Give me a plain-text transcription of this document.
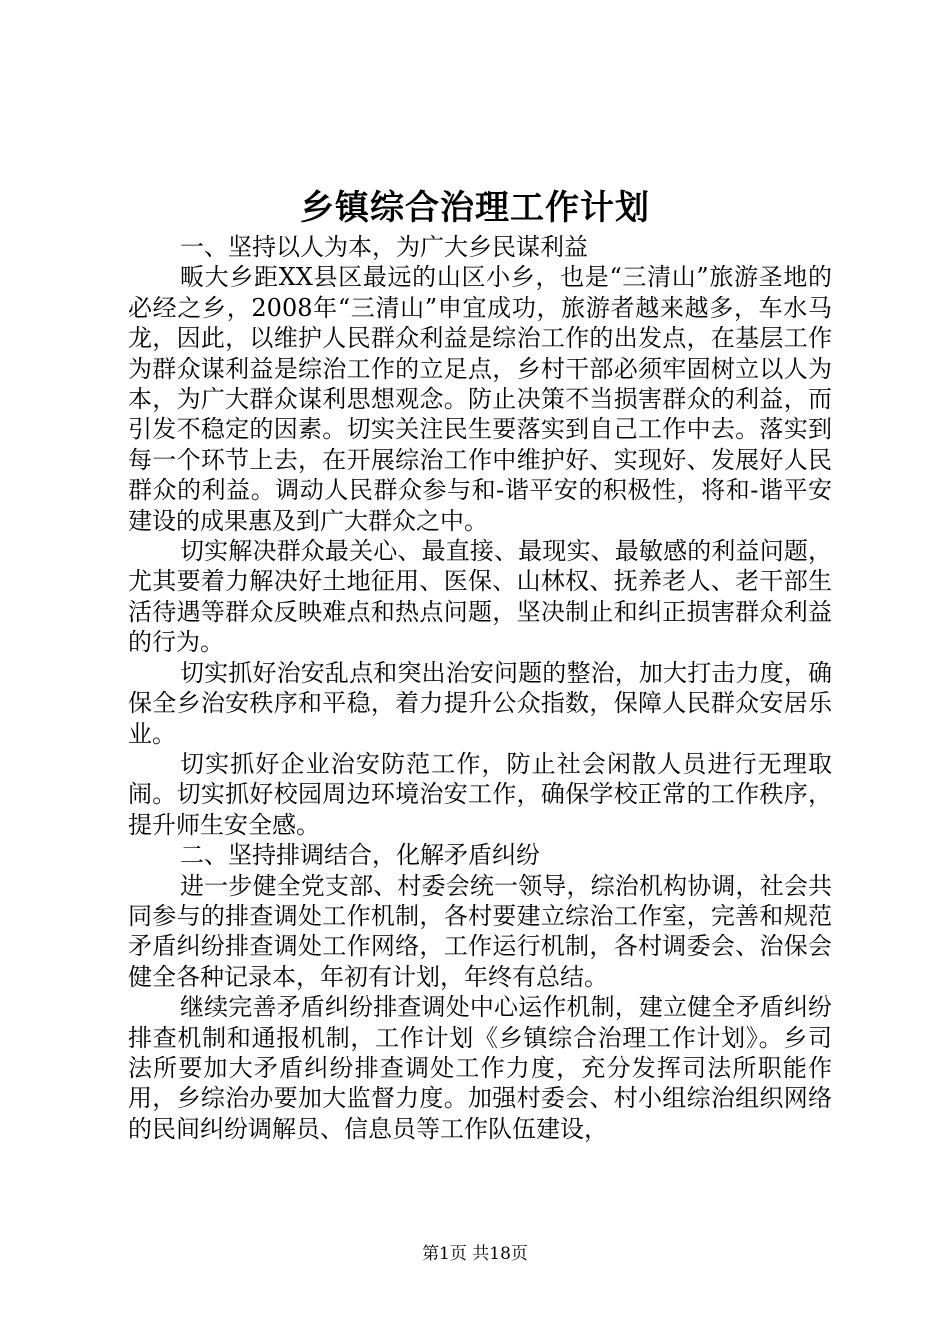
乡镇综合治理工作计划

一、坚持以人为本，为广大乡民谋利益

畈大乡距XX县区最远的山区小乡，也是“三清山”旅游圣地的必经之乡，2008年“三清山”申宜成功，旅游者越来越多，车水马龙，因此，以维护人民群众利益是综治工作的出发点，在基层工作为群众谋利益是综治工作的立足点，乡村干部必须牢固树立以人为本，为广大群众谋利思想观念。防止决策不当损害群众的利益，而引发不稳定的因素。切实关注民生要落实到自己工作中去。落实到每一个环节上去，在开展综治工作中维护好、实现好、发展好人民群众的利益。调动人民群众参与和-谐平安的积极性，将和-谐平安建设的成果惠及到广大群众之中。

切实解决群众最关心、最直接、最现实、最敏感的利益问题，尤其要着力解决好土地征用、医保、山林权、抚养老人、老干部生活待遇等群众反映难点和热点问题，坚决制止和纠正损害群众利益的行为。

切实抓好治安乱点和突出治安问题的整治，加大打击力度，确保全乡治安秩序和平稳，着力提升公众指数，保障人民群众安居乐业。

切实抓好企业治安防范工作，防止社会闲散人员进行无理取闹。切实抓好校园周边环境治安工作，确保学校正常的工作秩序，提升师生安全感。

二、坚持排调结合，化解矛盾纠纷

进一步健全党支部、村委会统一领导，综治机构协调，社会共同参与的排查调处工作机制，各村要建立综治工作室，完善和规范矛盾纠纷排查调处工作网络，工作运行机制，各村调委会、治保会健全各种记录本，年初有计划，年终有总结。

继续完善矛盾纠纷排查调处中心运作机制，建立健全矛盾纠纷排查机制和通报机制，工作计划《乡镇综合治理工作计划》。乡司法所要加大矛盾纠纷排查调处工作力度，充分发挥司法所职能作用，乡综治办要加大监督力度。加强村委会、村小组综治组织网络的民间纠纷调解员、信息员等工作队伍建设，

第1页 共18页
